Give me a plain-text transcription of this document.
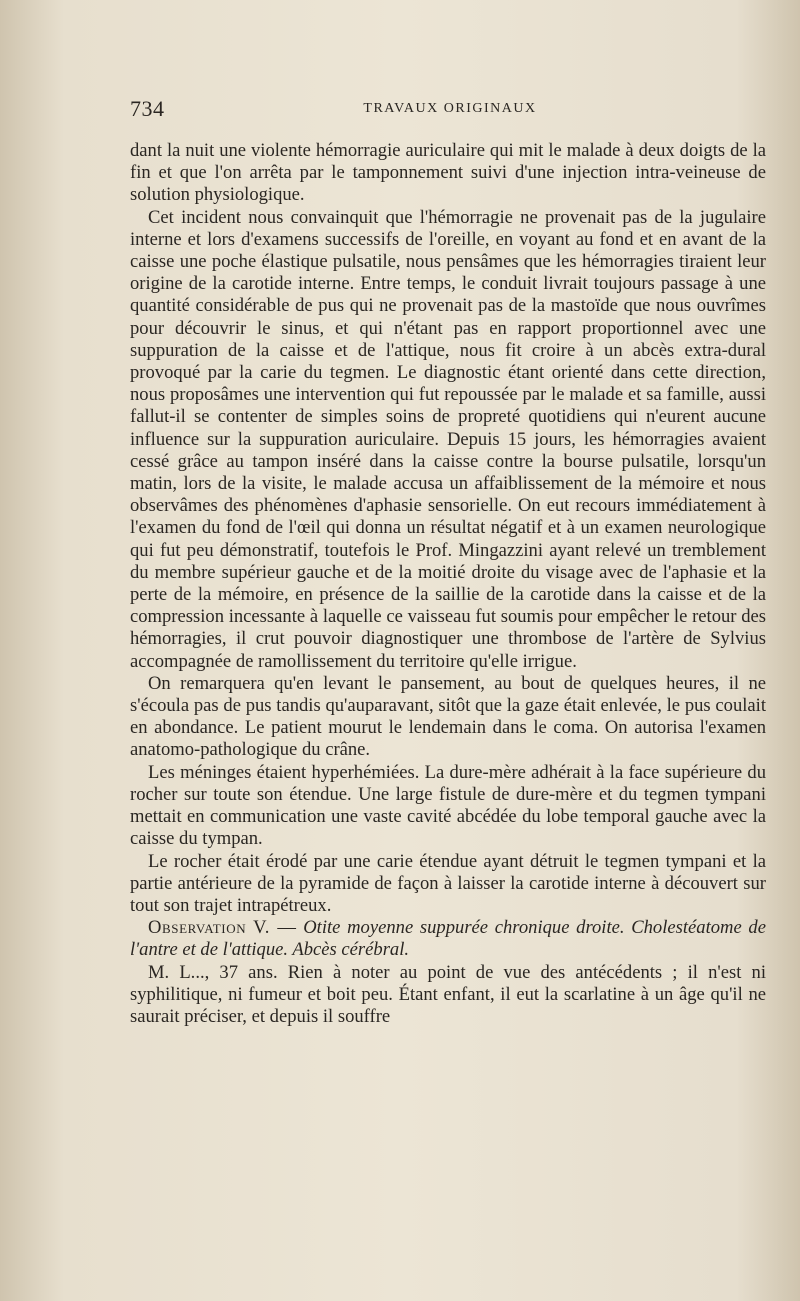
734	TRAVAUX ORIGINAUX

dant la nuit une violente hémorragie auriculaire qui mit le malade à deux doigts de la fin et que l'on arrêta par le tamponnement suivi d'une injection intra-veineuse de solution physiologique.

Cet incident nous convainquit que l'hémorragie ne provenait pas de la jugulaire interne et lors d'examens successifs de l'oreille, en voyant au fond et en avant de la caisse une poche élastique pulsatile, nous pensâmes que les hémorragies tiraient leur origine de la carotide interne. Entre temps, le conduit livrait toujours passage à une quantité considérable de pus qui ne provenait pas de la mastoïde que nous ouvrîmes pour découvrir le sinus, et qui n'étant pas en rapport proportionnel avec une suppuration de la caisse et de l'attique, nous fit croire à un abcès extra-dural provoqué par la carie du tegmen. Le diagnostic étant orienté dans cette direction, nous proposâmes une intervention qui fut repoussée par le malade et sa famille, aussi fallut-il se contenter de simples soins de propreté quotidiens qui n'eurent aucune influence sur la suppuration auriculaire. Depuis 15 jours, les hémorragies avaient cessé grâce au tampon inséré dans la caisse contre la bourse pulsatile, lorsqu'un matin, lors de la visite, le malade accusa un affaiblissement de la mémoire et nous observâmes des phénomènes d'aphasie sensorielle. On eut recours immédiatement à l'examen du fond de l'œil qui donna un résultat négatif et à un examen neurologique qui fut peu démonstratif, toutefois le Prof. Mingazzini ayant relevé un tremblement du membre supérieur gauche et de la moitié droite du visage avec de l'aphasie et la perte de la mémoire, en présence de la saillie de la carotide dans la caisse et de la compression incessante à laquelle ce vaisseau fut soumis pour empêcher le retour des hémorragies, il crut pouvoir diagnostiquer une thrombose de l'artère de Sylvius accompagnée de ramollissement du territoire qu'elle irrigue.

On remarquera qu'en levant le pansement, au bout de quelques heures, il ne s'écoula pas de pus tandis qu'auparavant, sitôt que la gaze était enlevée, le pus coulait en abondance. Le patient mourut le lendemain dans le coma. On autorisa l'examen anatomo-pathologique du crâne.

Les méninges étaient hyperhémiées. La dure-mère adhérait à la face supérieure du rocher sur toute son étendue. Une large fistule de dure-mère et du tegmen tympani mettait en communication une vaste cavité abcédée du lobe temporal gauche avec la caisse du tympan.

Le rocher était érodé par une carie étendue ayant détruit le tegmen tympani et la partie antérieure de la pyramide de façon à laisser la carotide interne à découvert sur tout son trajet intrapétreux.

Observation V. — Otite moyenne suppurée chronique droite. Cholestéatome de l'antre et de l'attique. Abcès cérébral.

M. L..., 37 ans. Rien à noter au point de vue des antécédents ; il n'est ni syphilitique, ni fumeur et boit peu. Étant enfant, il eut la scarlatine à un âge qu'il ne saurait préciser, et depuis il souffre
